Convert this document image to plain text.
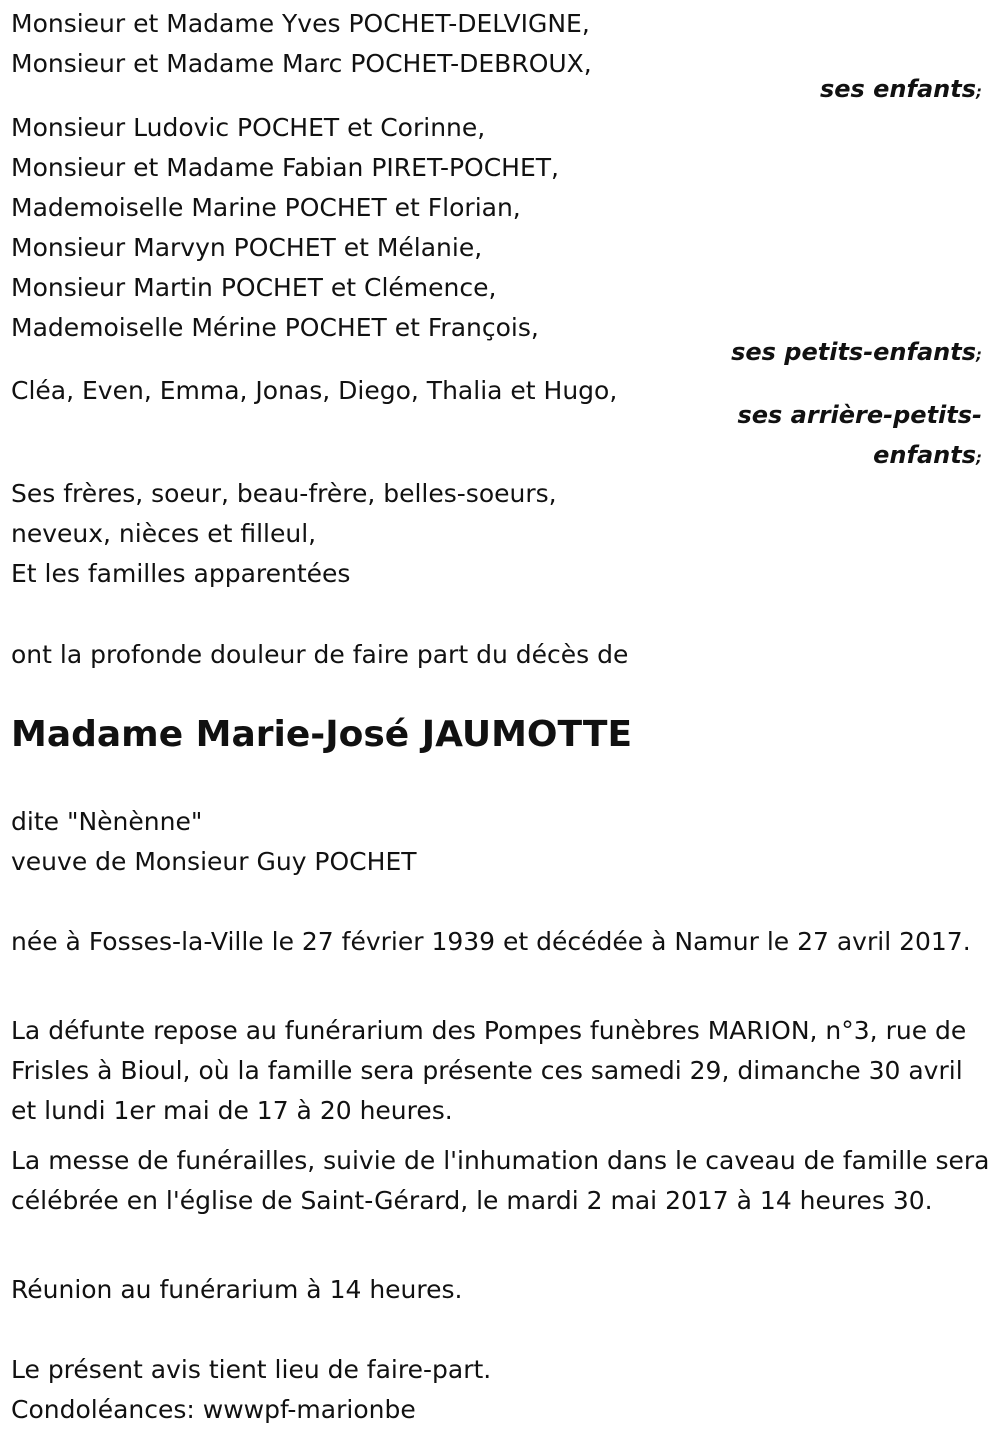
Monsieur et Madame Yves POCHET-DELVIGNE,
Monsieur et Madame Marc POCHET-DEBROUX,
ses enfants;
Monsieur Ludovic POCHET et Corinne,
Monsieur et Madame Fabian PIRET-POCHET,
Mademoiselle Marine POCHET et Florian,
Monsieur Marvyn POCHET et Mélanie,
Monsieur Martin POCHET et Clémence,
Mademoiselle Mérine POCHET et François,
ses petits-enfants;
Cléa, Even, Emma, Jonas, Diego, Thalia et Hugo,
ses arrière-petits-
enfants;
Ses frères, soeur, beau-frère, belles-soeurs,
neveux, nièces et filleul,
Et les familles apparentées
ont la profonde douleur de faire part du décès de
Madame Marie-José JAUMOTTE
dite "Nènènne"
veuve de Monsieur Guy POCHET
née à Fosses-la-Ville le 27 février 1939 et décédée à Namur le 27 avril 2017.
La défunte repose au funérarium des Pompes funèbres MARION, n°3, rue de Frisles à Bioul, où la famille sera présente ces samedi 29, dimanche 30 avril et lundi 1er mai de 17 à 20 heures.
La messe de funérailles, suivie de l'inhumation dans le caveau de famille sera célébrée en l'église de Saint-Gérard, le mardi 2 mai 2017 à 14 heures 30.
Réunion au funérarium à 14 heures.
Le présent avis tient lieu de faire-part.
Condoléances: wwwpf-marionbe
